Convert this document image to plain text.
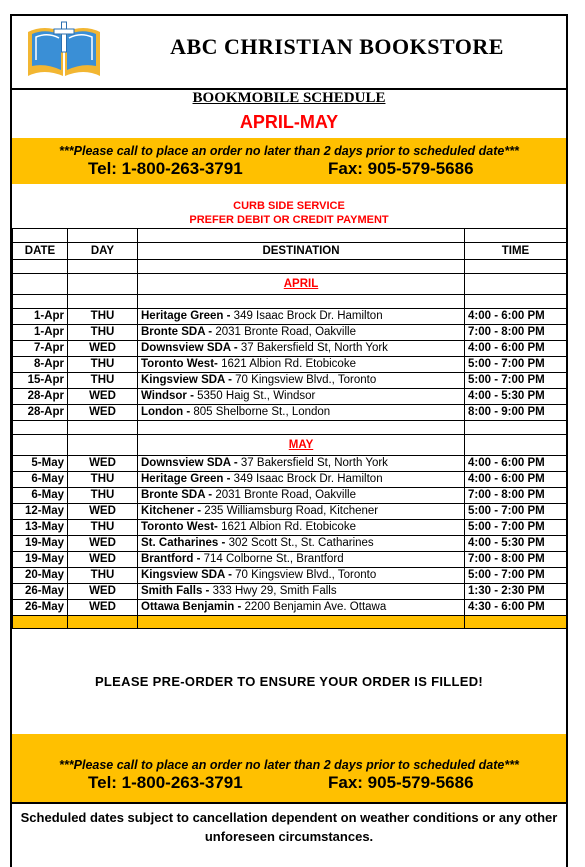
ABC CHRISTIAN BOOKSTORE
BOOKMOBILE SCHEDULE
APRIL-MAY
***Please call to place an order no later than 2 days prior to scheduled date***
Tel: 1-800-263-3791	Fax: 905-579-5686
CURB SIDE SERVICE
PREFER DEBIT OR CREDIT PAYMENT

DATE	DAY	DESTINATION	TIME

		APRIL	

1-Apr	THU	Heritage Green - 349 Isaac Brock Dr. Hamilton	4:00 - 6:00 PM
1-Apr	THU	Bronte SDA - 2031 Bronte Road, Oakville	7:00 - 8:00 PM
7-Apr	WED	Downsview SDA - 37 Bakersfield St, North York	4:00 - 6:00 PM
8-Apr	THU	Toronto West- 1621 Albion Rd. Etobicoke	5:00 - 7:00 PM
15-Apr	THU	Kingsview SDA - 70 Kingsview Blvd., Toronto	5:00 - 7:00 PM
28-Apr	WED	Windsor - 5350 Haig St., Windsor	4:00 - 5:30 PM
28-Apr	WED	London - 805 Shelborne St., London	8:00 - 9:00 PM

		MAY	
5-May	WED	Downsview SDA - 37 Bakersfield St, North York	4:00 - 6:00 PM
6-May	THU	Heritage Green - 349 Isaac Brock Dr. Hamilton	4:00 - 6:00 PM
6-May	THU	Bronte SDA - 2031 Bronte Road, Oakville	7:00 - 8:00 PM
12-May	WED	Kitchener - 235 Williamsburg Road, Kitchener	5:00 - 7:00 PM
13-May	THU	Toronto West- 1621 Albion Rd. Etobicoke	5:00 - 7:00 PM
19-May	WED	St. Catharines - 302 Scott St., St. Catharines	4:00 - 5:30 PM
19-May	WED	Brantford - 714 Colborne St., Brantford	7:00 - 8:00 PM
20-May	THU	Kingsview SDA - 70 Kingsview Blvd., Toronto	5:00 - 7:00 PM
26-May	WED	Smith Falls - 333 Hwy 29, Smith Falls	1:30 - 2:30 PM
26-May	WED	Ottawa Benjamin - 2200 Benjamin Ave. Ottawa	4:30 - 6:00 PM

PLEASE PRE-ORDER TO ENSURE YOUR ORDER IS FILLED!
***Please call to place an order no later than 2 days prior to scheduled date***
Tel: 1-800-263-3791	Fax: 905-579-5686
Scheduled dates subject to cancellation dependent on weather conditions or any other unforeseen circumstances.
